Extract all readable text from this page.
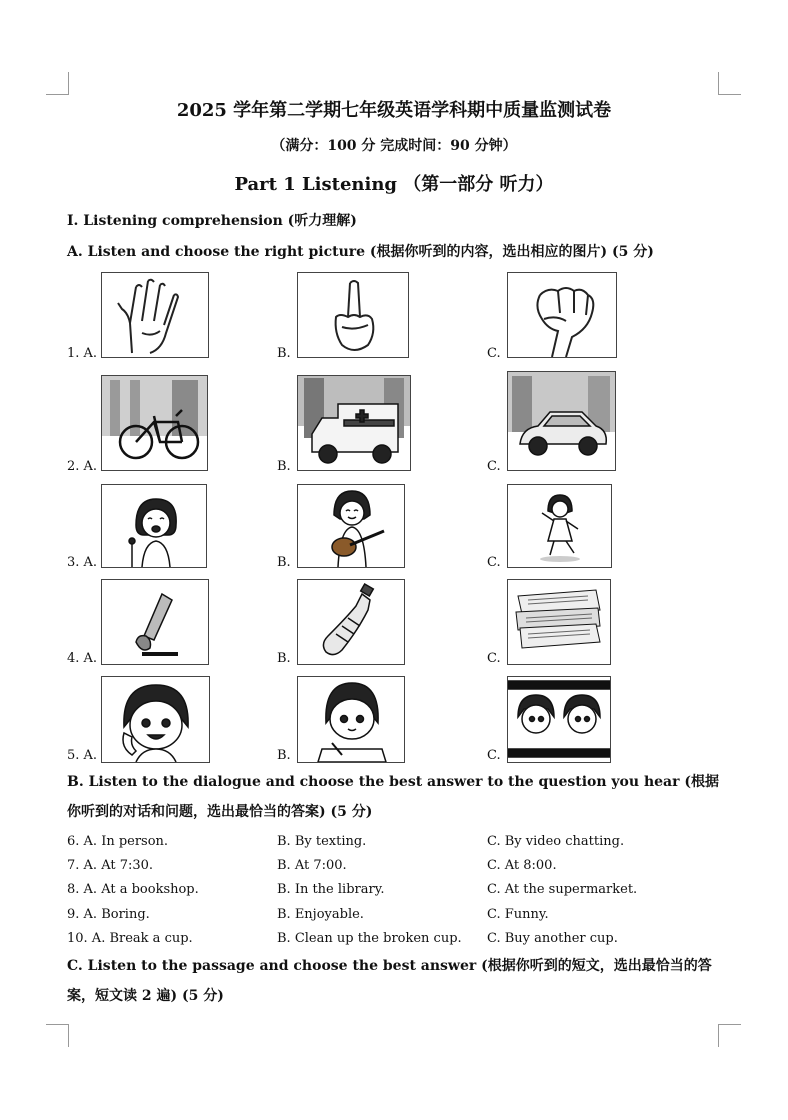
2025 学年第二学期七年级英语学科期中质量监测试卷
（满分：100 分 完成时间：90 分钟）
Part 1 Listening （第一部分 听力）
I. Listening comprehension (听力理解)
A. Listen and choose the right picture (根据你听到的内容，选出相应的图片) (5 分)
1. A.	B.	C.
2. A.	B.	C.
3. A.	B.	C.
4. A.	B.	C.
5. A.	B.	C.
B. Listen to the dialogue and choose the best answer to the question you hear (根据你听到的对话和问题，选出最恰当的答案) (5 分)
6. A. In person.	B. By texting.	C. By video chatting.
7. A. At 7:30.	B. At 7:00.	C. At 8:00.
8. A. At a bookshop.	B. In the library.	C. At the supermarket.
9. A. Boring.	B. Enjoyable.	C. Funny.
10. A. Break a cup.	B. Clean up the broken cup. C. Buy another cup.
C. Listen to the passage and choose the best answer (根据你听到的短文，选出最恰当的答案，短文读 2 遍) (5 分)
